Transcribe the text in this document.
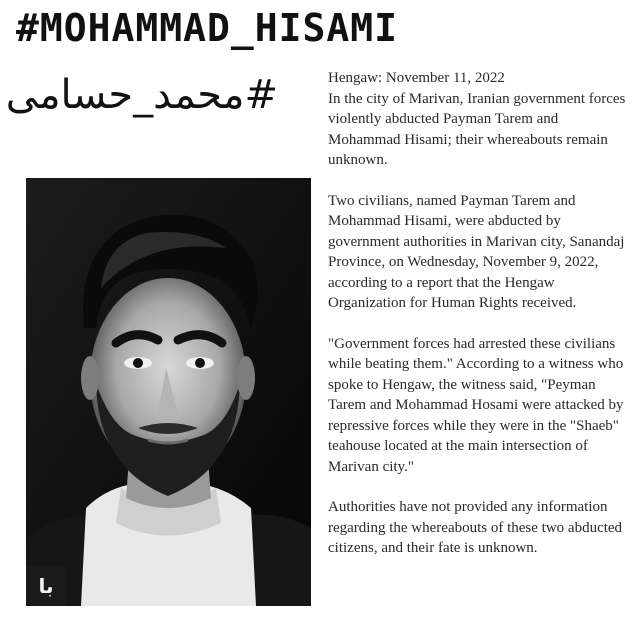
#MOHAMMAD_HISAMI
#محمد_حسامی
با
Hengaw: November 11, 2022

In the city of Marivan, Iranian government forces violently abducted Payman Tarem and Mohammad Hisami; their whereabouts remain unknown.

Two civilians, named Payman Tarem and Mohammad Hisami, were abducted by government authorities in Marivan city, Sanandaj Province, on Wednesday, November 9, 2022, according to a report that the Hengaw Organization for Human Rights received.

"Government forces had arrested these civilians while beating them." According to a witness who spoke to Hengaw, the witness said, "Peyman Tarem and Mohammad Hosami were attacked by repressive forces while they were in the "Shaeb" teahouse located at the main intersection of Marivan city."

Authorities have not provided any information regarding the whereabouts of these two abducted citizens, and their fate is unknown.
